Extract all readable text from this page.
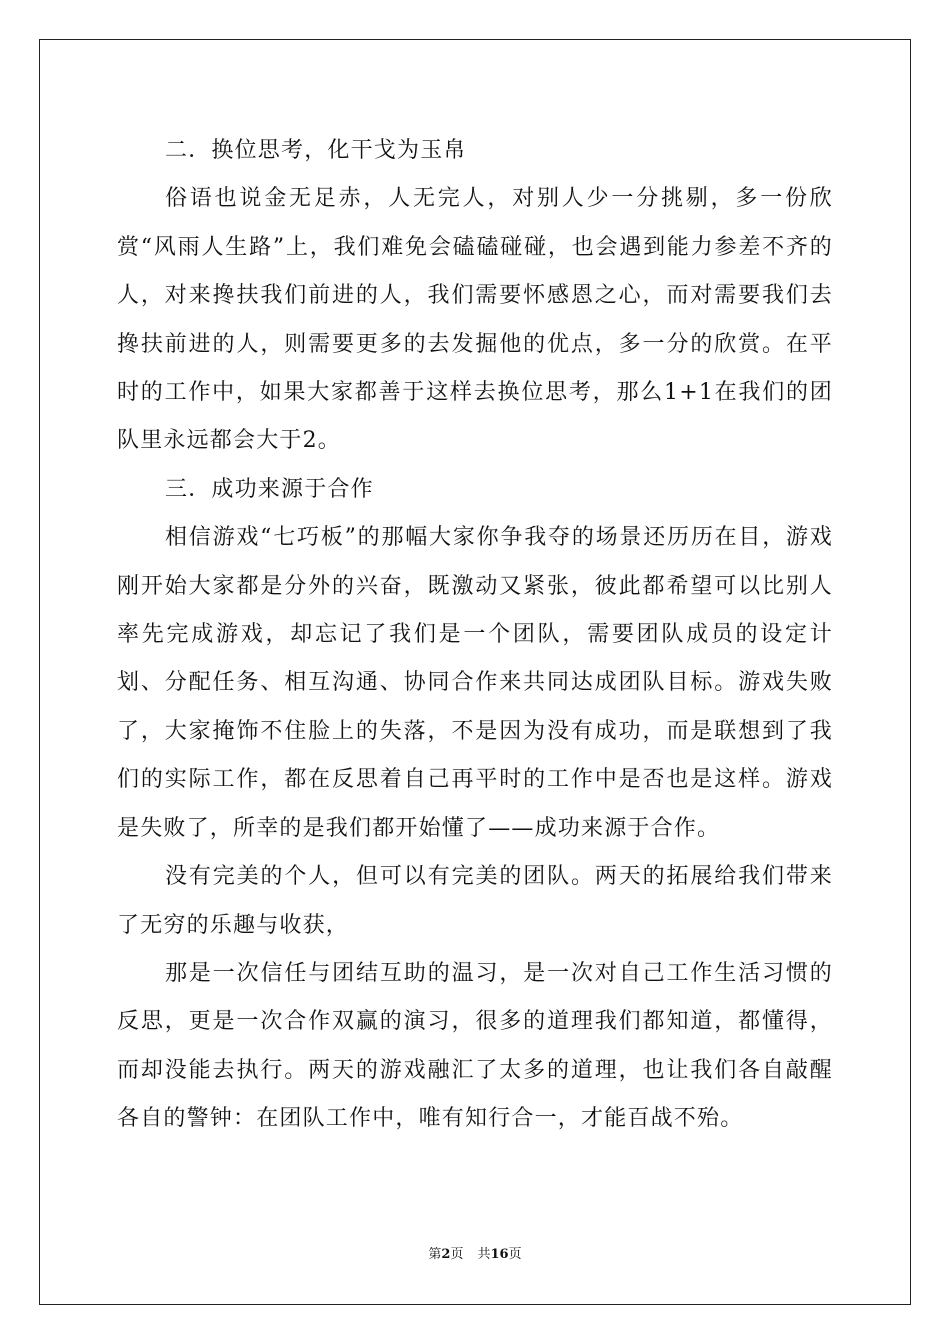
二．换位思考，化干戈为玉帛

俗语也说金无足赤，人无完人，对别人少一分挑剔，多一份欣赏“风雨人生路”上，我们难免会磕磕碰碰，也会遇到能力参差不齐的人，对来搀扶我们前进的人，我们需要怀感恩之心，而对需要我们去搀扶前进的人，则需要更多的去发掘他的优点，多一分的欣赏。在平时的工作中，如果大家都善于这样去换位思考，那么1+1在我们的团队里永远都会大于2。

三．成功来源于合作

相信游戏“七巧板”的那幅大家你争我夺的场景还历历在目，游戏刚开始大家都是分外的兴奋，既激动又紧张，彼此都希望可以比别人率先完成游戏，却忘记了我们是一个团队，需要团队成员的设定计划、分配任务、相互沟通、协同合作来共同达成团队目标。游戏失败了，大家掩饰不住脸上的失落，不是因为没有成功，而是联想到了我们的实际工作，都在反思着自己再平时的工作中是否也是这样。游戏是失败了，所幸的是我们都开始懂了——成功来源于合作。

没有完美的个人，但可以有完美的团队。两天的拓展给我们带来了无穷的乐趣与收获，

那是一次信任与团结互助的温习，是一次对自己工作生活习惯的反思，更是一次合作双赢的演习，很多的道理我们都知道，都懂得，而却没能去执行。两天的游戏融汇了太多的道理，也让我们各自敲醒各自的警钟：在团队工作中，唯有知行合一，才能百战不殆。

第2页 共16页
